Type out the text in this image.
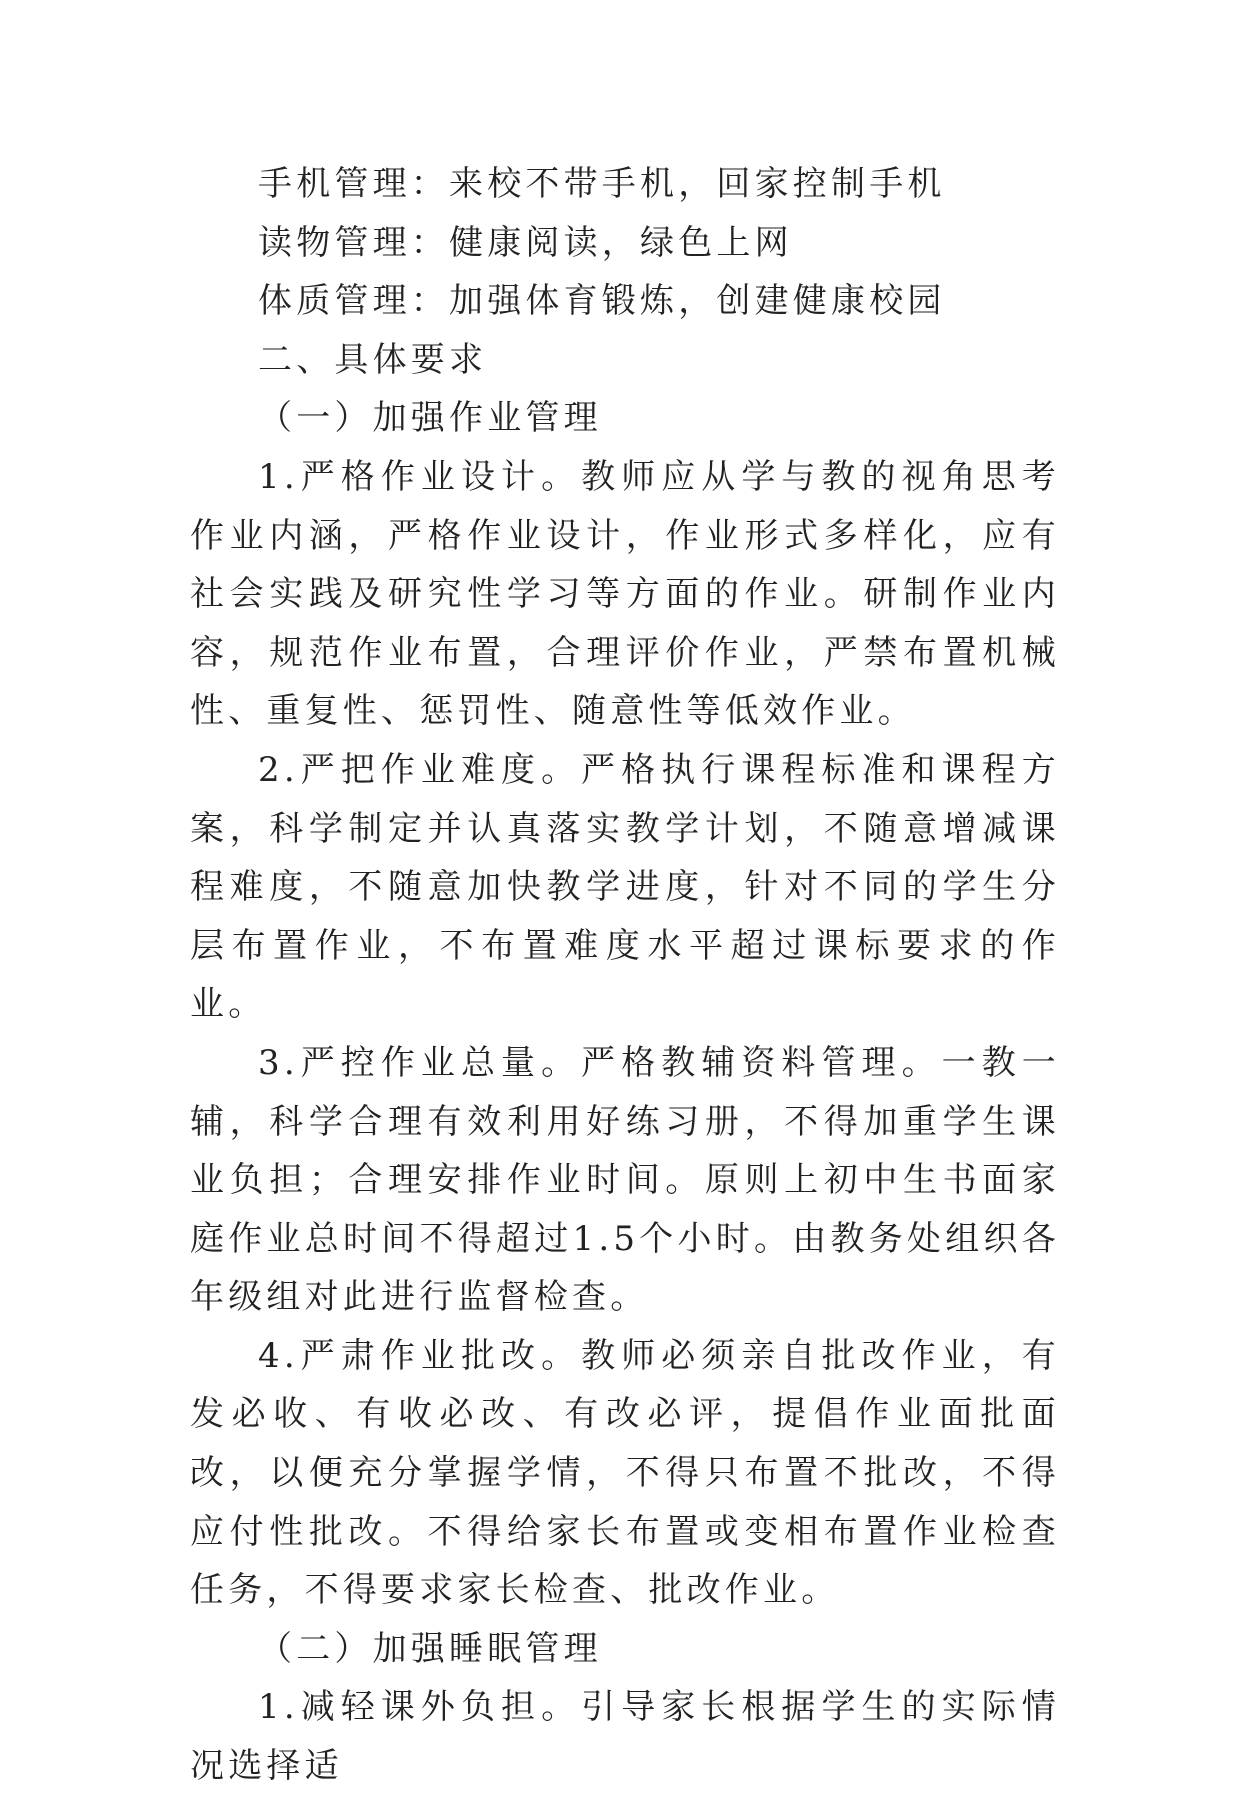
手机管理：来校不带手机，回家控制手机

读物管理：健康阅读，绿色上网

体质管理：加强体育锻炼，创建健康校园

二、具体要求

（一）加强作业管理

1.严格作业设计。教师应从学与教的视角思考作业内涵，严格作业设计，作业形式多样化，应有社会实践及研究性学习等方面的作业。研制作业内容，规范作业布置，合理评价作业，严禁布置机械性、重复性、惩罚性、随意性等低效作业。

2.严把作业难度。严格执行课程标准和课程方案，科学制定并认真落实教学计划，不随意增减课程难度，不随意加快教学进度，针对不同的学生分层布置作业，不布置难度水平超过课标要求的作业。

3.严控作业总量。严格教辅资料管理。一教一辅，科学合理有效利用好练习册，不得加重学生课业负担；合理安排作业时间。原则上初中生书面家庭作业总时间不得超过1.5个小时。由教务处组织各年级组对此进行监督检查。

4.严肃作业批改。教师必须亲自批改作业，有发必收、有收必改、有改必评，提倡作业面批面改，以便充分掌握学情，不得只布置不批改，不得应付性批改。不得给家长布置或变相布置作业检查任务，不得要求家长检查、批改作业。

（二）加强睡眠管理

1.减轻课外负担。引导家长根据学生的实际情况选择适
